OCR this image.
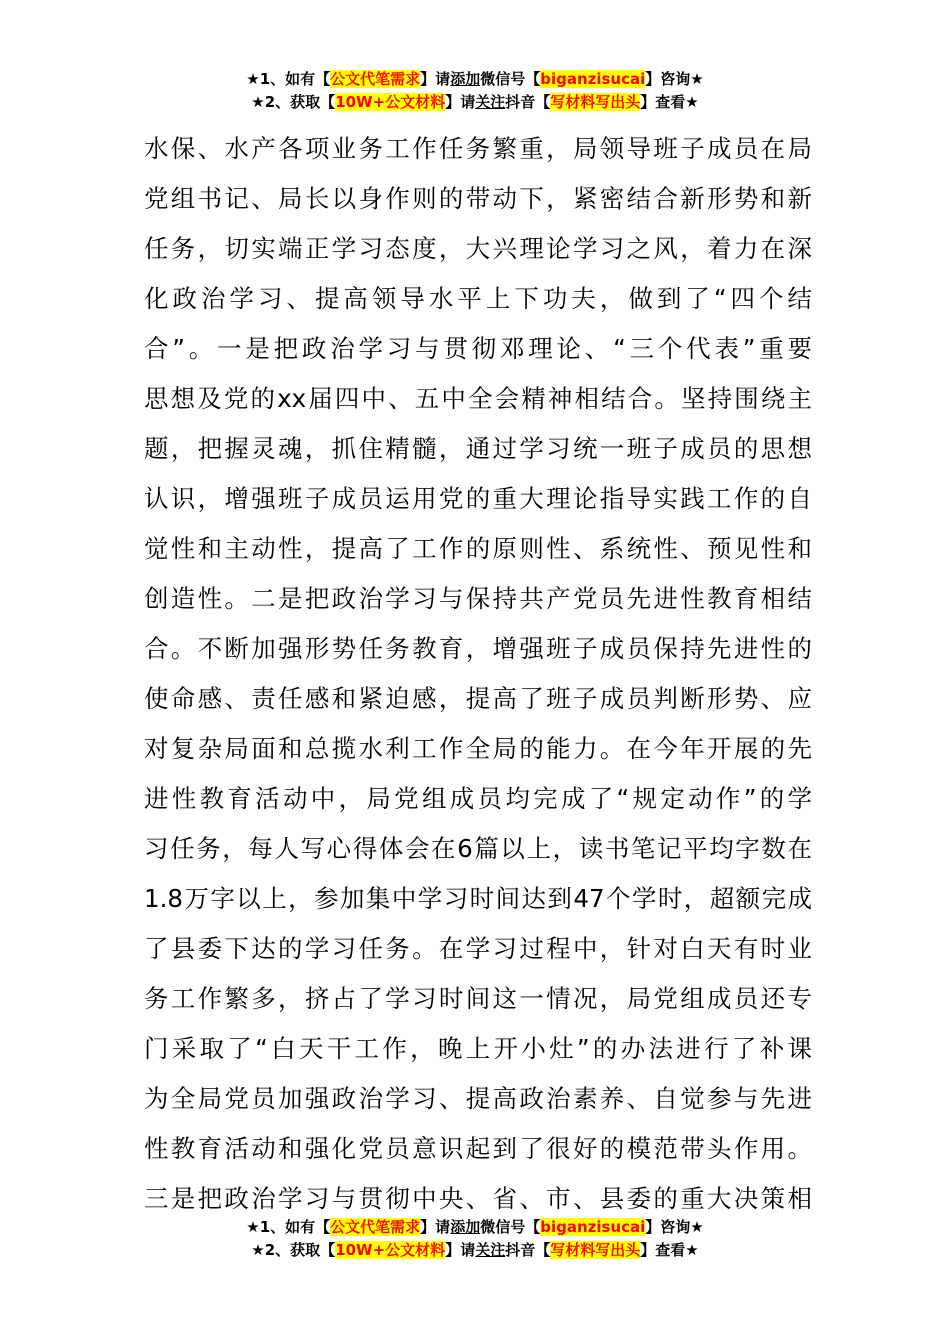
★1、如有【公文代笔需求】请添加微信号【biganzisucai】咨询★
★2、获取【10W+公文材料】请关注抖音【写材料写出头】查看★
水保、水产各项业务工作任务繁重，局领导班子成员在局
党组书记、局长以身作则的带动下，紧密结合新形势和新
任务，切实端正学习态度，大兴理论学习之风，着力在深
化政治学习、提高领导水平上下功夫，做到了“四个结
合”。一是把政治学习与贯彻邓理论、“三个代表”重要
思想及党的xx届四中、五中全会精神相结合。坚持围绕主
题，把握灵魂，抓住精髓，通过学习统一班子成员的思想
认识，增强班子成员运用党的重大理论指导实践工作的自
觉性和主动性，提高了工作的原则性、系统性、预见性和
创造性。二是把政治学习与保持共产党员先进性教育相结
合。不断加强形势任务教育，增强班子成员保持先进性的
使命感、责任感和紧迫感，提高了班子成员判断形势、应
对复杂局面和总揽水利工作全局的能力。在今年开展的先
进性教育活动中，局党组成员均完成了“规定动作”的学
习任务，每人写心得体会在6篇以上，读书笔记平均字数在
1.8万字以上，参加集中学习时间达到47个学时，超额完成
了县委下达的学习任务。在学习过程中，针对白天有时业
务工作繁多，挤占了学习时间这一情况，局党组成员还专
门采取了“白天干工作，晚上开小灶”的办法进行了补课
为全局党员加强政治学习、提高政治素养、自觉参与先进
性教育活动和强化党员意识起到了很好的模范带头作用。
三是把政治学习与贯彻中央、省、市、县委的重大决策相
★1、如有【公文代笔需求】请添加微信号【biganzisucai】咨询★
★2、获取【10W+公文材料】请关注抖音【写材料写出头】查看★
